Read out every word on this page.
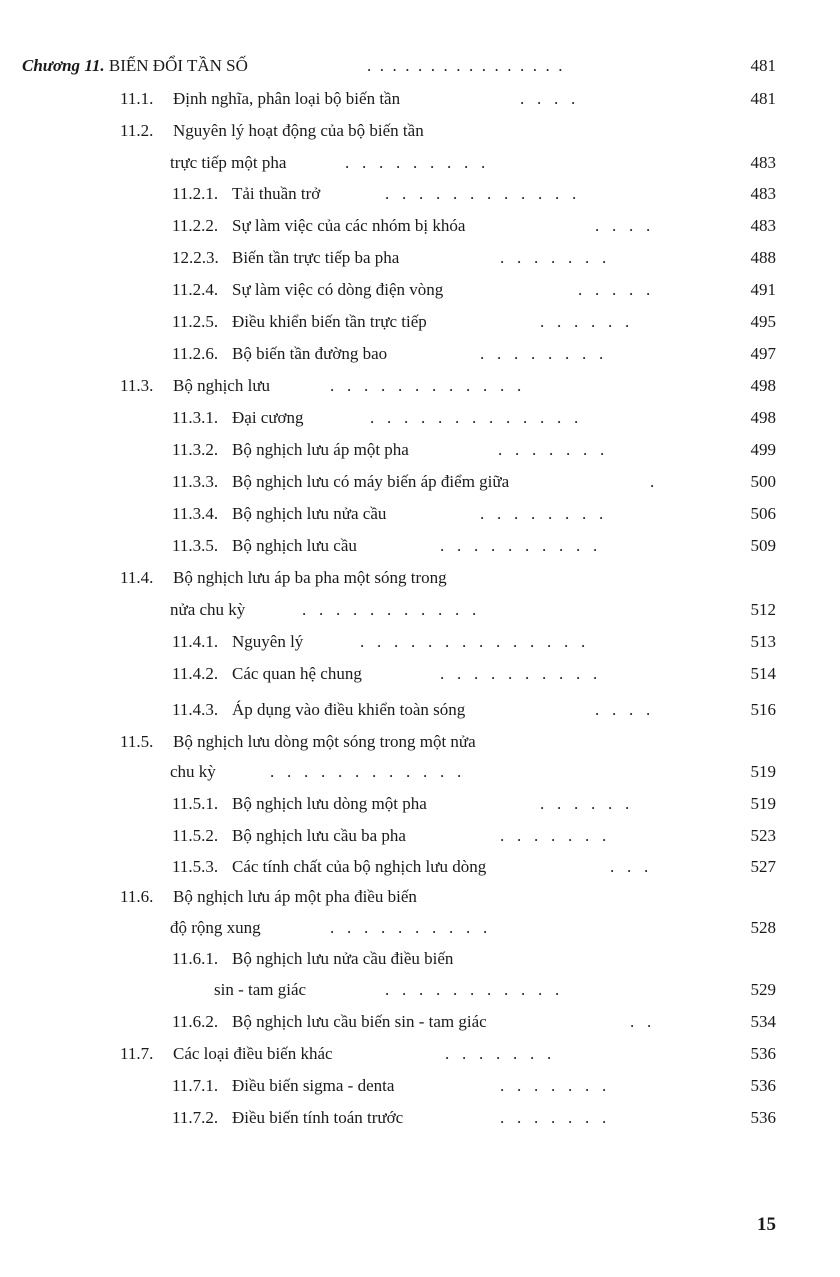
Chương 11. BIẾN ĐỔI TẦN SỐ	.  .  .  .  .  .  .  .  .  .  .  .  .  .  .  .	481
11.1. Định nghĩa, phân loại bộ biến tần	.   .   .   .	481
11.2. Nguyên lý hoạt động của bộ biến tần
trực tiếp một pha	.   .   .   .   .   .   .   .   .	483
11.2.1. Tải thuần trở	.   .   .   .   .   .   .   .   .   .   .   .	483
11.2.2. Sự làm việc của các nhóm bị khóa	.   .   .   .	483
12.2.3. Biến tần trực tiếp ba pha	.   .   .   .   .   .   .	488
11.2.4. Sự làm việc có dòng điện vòng	.   .   .   .   .	491
11.2.5. Điều khiển biến tần trực tiếp	.   .   .   .   .   .	495
11.2.6. Bộ biến tần đường bao	.   .   .   .   .   .   .   .	497
11.3. Bộ nghịch lưu	.   .   .   .   .   .   .   .   .   .   .   .	498
11.3.1. Đại cương	.   .   .   .   .   .   .   .   .   .   .   .   .	498
11.3.2. Bộ nghịch lưu áp một pha	.   .   .   .   .   .   .	499
11.3.3. Bộ nghịch lưu có máy biến áp điểm giữa	.	500
11.3.4. Bộ nghịch lưu nửa cầu	.   .   .   .   .   .   .   .	506
11.3.5. Bộ nghịch lưu cầu	.   .   .   .   .   .   .   .   .   .	509
11.4. Bộ nghịch lưu áp ba pha một sóng trong
nửa chu kỳ	.   .   .   .   .   .   .   .   .   .   .	512
11.4.1. Nguyên lý	.   .   .   .   .   .   .   .   .   .   .   .   .   .	513
11.4.2. Các quan hệ chung	.   .   .   .   .   .   .   .   .   .	514
11.4.3. Áp dụng vào điều khiển toàn sóng	.   .   .   .	516
11.5. Bộ nghịch lưu dòng một sóng trong một nửa
chu kỳ	.   .   .   .   .   .   .   .   .   .   .   .	519
11.5.1. Bộ nghịch lưu dòng một pha	.   .   .   .   .   .	519
11.5.2. Bộ nghịch lưu cầu ba pha	.   .   .   .   .   .   .	523
11.5.3. Các tính chất của bộ nghịch lưu dòng	.   .   .	527
11.6. Bộ nghịch lưu áp một pha điều biến
độ rộng xung	.   .   .   .   .   .   .   .   .   .	528
11.6.1. Bộ nghịch lưu nửa cầu điều biến
sin - tam giác	.   .   .   .   .   .   .   .   .   .   .	529
11.6.2. Bộ nghịch lưu cầu biến sin - tam giác	.   .	534
11.7. Các loại điều biến khác	.   .   .   .   .   .   .	536
11.7.1. Điều biến sigma - denta	.   .   .   .   .   .   .	536
11.7.2. Điều biến tính toán trước	.   .   .   .   .   .   .	536
15
